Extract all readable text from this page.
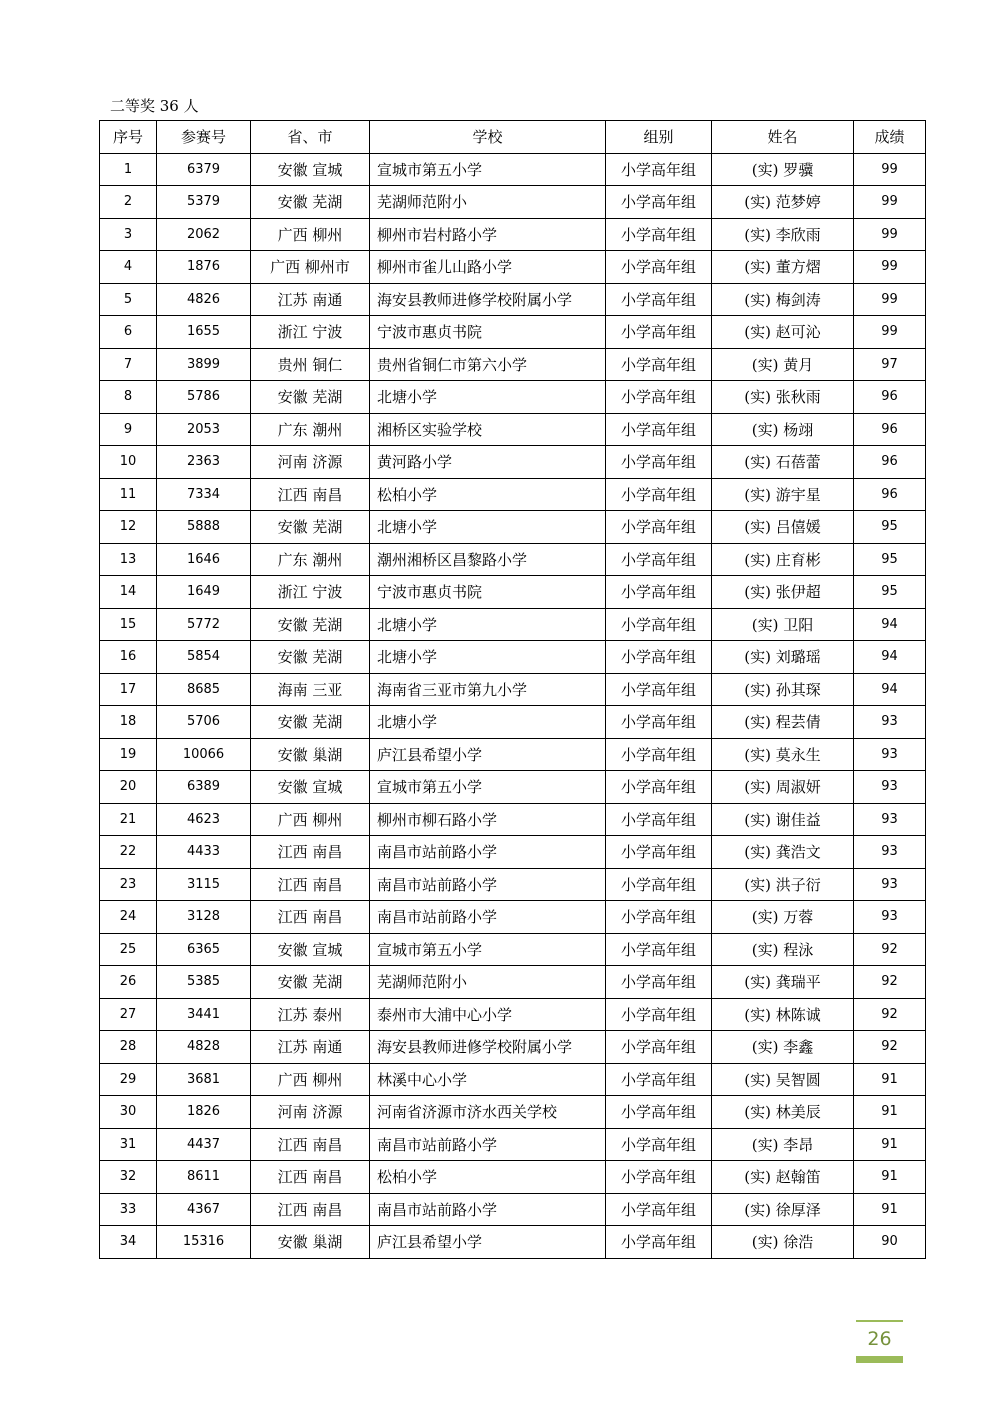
二等奖 36 人
序号	参赛号	省、市	学校	组别	姓名	成绩
1	6379	安徽 宣城	宣城市第五小学	小学高年组	(实) 罗骥	99
2	5379	安徽 芜湖	芜湖师范附小	小学高年组	(实) 范梦婷	99
3	2062	广西 柳州	柳州市岩村路小学	小学高年组	(实) 李欣雨	99
4	1876	广西 柳州市	柳州市雀儿山路小学	小学高年组	(实) 董方熠	99
5	4826	江苏 南通	海安县教师进修学校附属小学	小学高年组	(实) 梅剑涛	99
6	1655	浙江 宁波	宁波市惠贞书院	小学高年组	(实) 赵可沁	99
7	3899	贵州 铜仁	贵州省铜仁市第六小学	小学高年组	(实) 黄月	97
8	5786	安徽 芜湖	北塘小学	小学高年组	(实) 张秋雨	96
9	2053	广东 潮州	湘桥区实验学校	小学高年组	(实) 杨翊	96
10	2363	河南 济源	黄河路小学	小学高年组	(实) 石蓓蕾	96
11	7334	江西 南昌	松柏小学	小学高年组	(实) 游宇星	96
12	5888	安徽 芜湖	北塘小学	小学高年组	(实) 吕僖媛	95
13	1646	广东 潮州	潮州湘桥区昌黎路小学	小学高年组	(实) 庄育彬	95
14	1649	浙江 宁波	宁波市惠贞书院	小学高年组	(实) 张伊超	95
15	5772	安徽 芜湖	北塘小学	小学高年组	(实) 卫阳	94
16	5854	安徽 芜湖	北塘小学	小学高年组	(实) 刘璐瑶	94
17	8685	海南 三亚	海南省三亚市第九小学	小学高年组	(实) 孙其琛	94
18	5706	安徽 芜湖	北塘小学	小学高年组	(实) 程芸倩	93
19	10066	安徽 巢湖	庐江县希望小学	小学高年组	(实) 莫永生	93
20	6389	安徽 宣城	宣城市第五小学	小学高年组	(实) 周淑妍	93
21	4623	广西 柳州	柳州市柳石路小学	小学高年组	(实) 谢佳益	93
22	4433	江西 南昌	南昌市站前路小学	小学高年组	(实) 龚浩文	93
23	3115	江西 南昌	南昌市站前路小学	小学高年组	(实) 洪子衍	93
24	3128	江西 南昌	南昌市站前路小学	小学高年组	(实) 万蓉	93
25	6365	安徽 宣城	宣城市第五小学	小学高年组	(实) 程泳	92
26	5385	安徽 芜湖	芜湖师范附小	小学高年组	(实) 龚瑞平	92
27	3441	江苏 泰州	泰州市大浦中心小学	小学高年组	(实) 林陈诚	92
28	4828	江苏 南通	海安县教师进修学校附属小学	小学高年组	(实) 李鑫	92
29	3681	广西 柳州	林溪中心小学	小学高年组	(实) 吴智圆	91
30	1826	河南 济源	河南省济源市济水西关学校	小学高年组	(实) 林美辰	91
31	4437	江西 南昌	南昌市站前路小学	小学高年组	(实) 李昂	91
32	8611	江西 南昌	松柏小学	小学高年组	(实) 赵翰笛	91
33	4367	江西 南昌	南昌市站前路小学	小学高年组	(实) 徐厚泽	91
34	15316	安徽 巢湖	庐江县希望小学	小学高年组	(实) 徐浩	90
26
